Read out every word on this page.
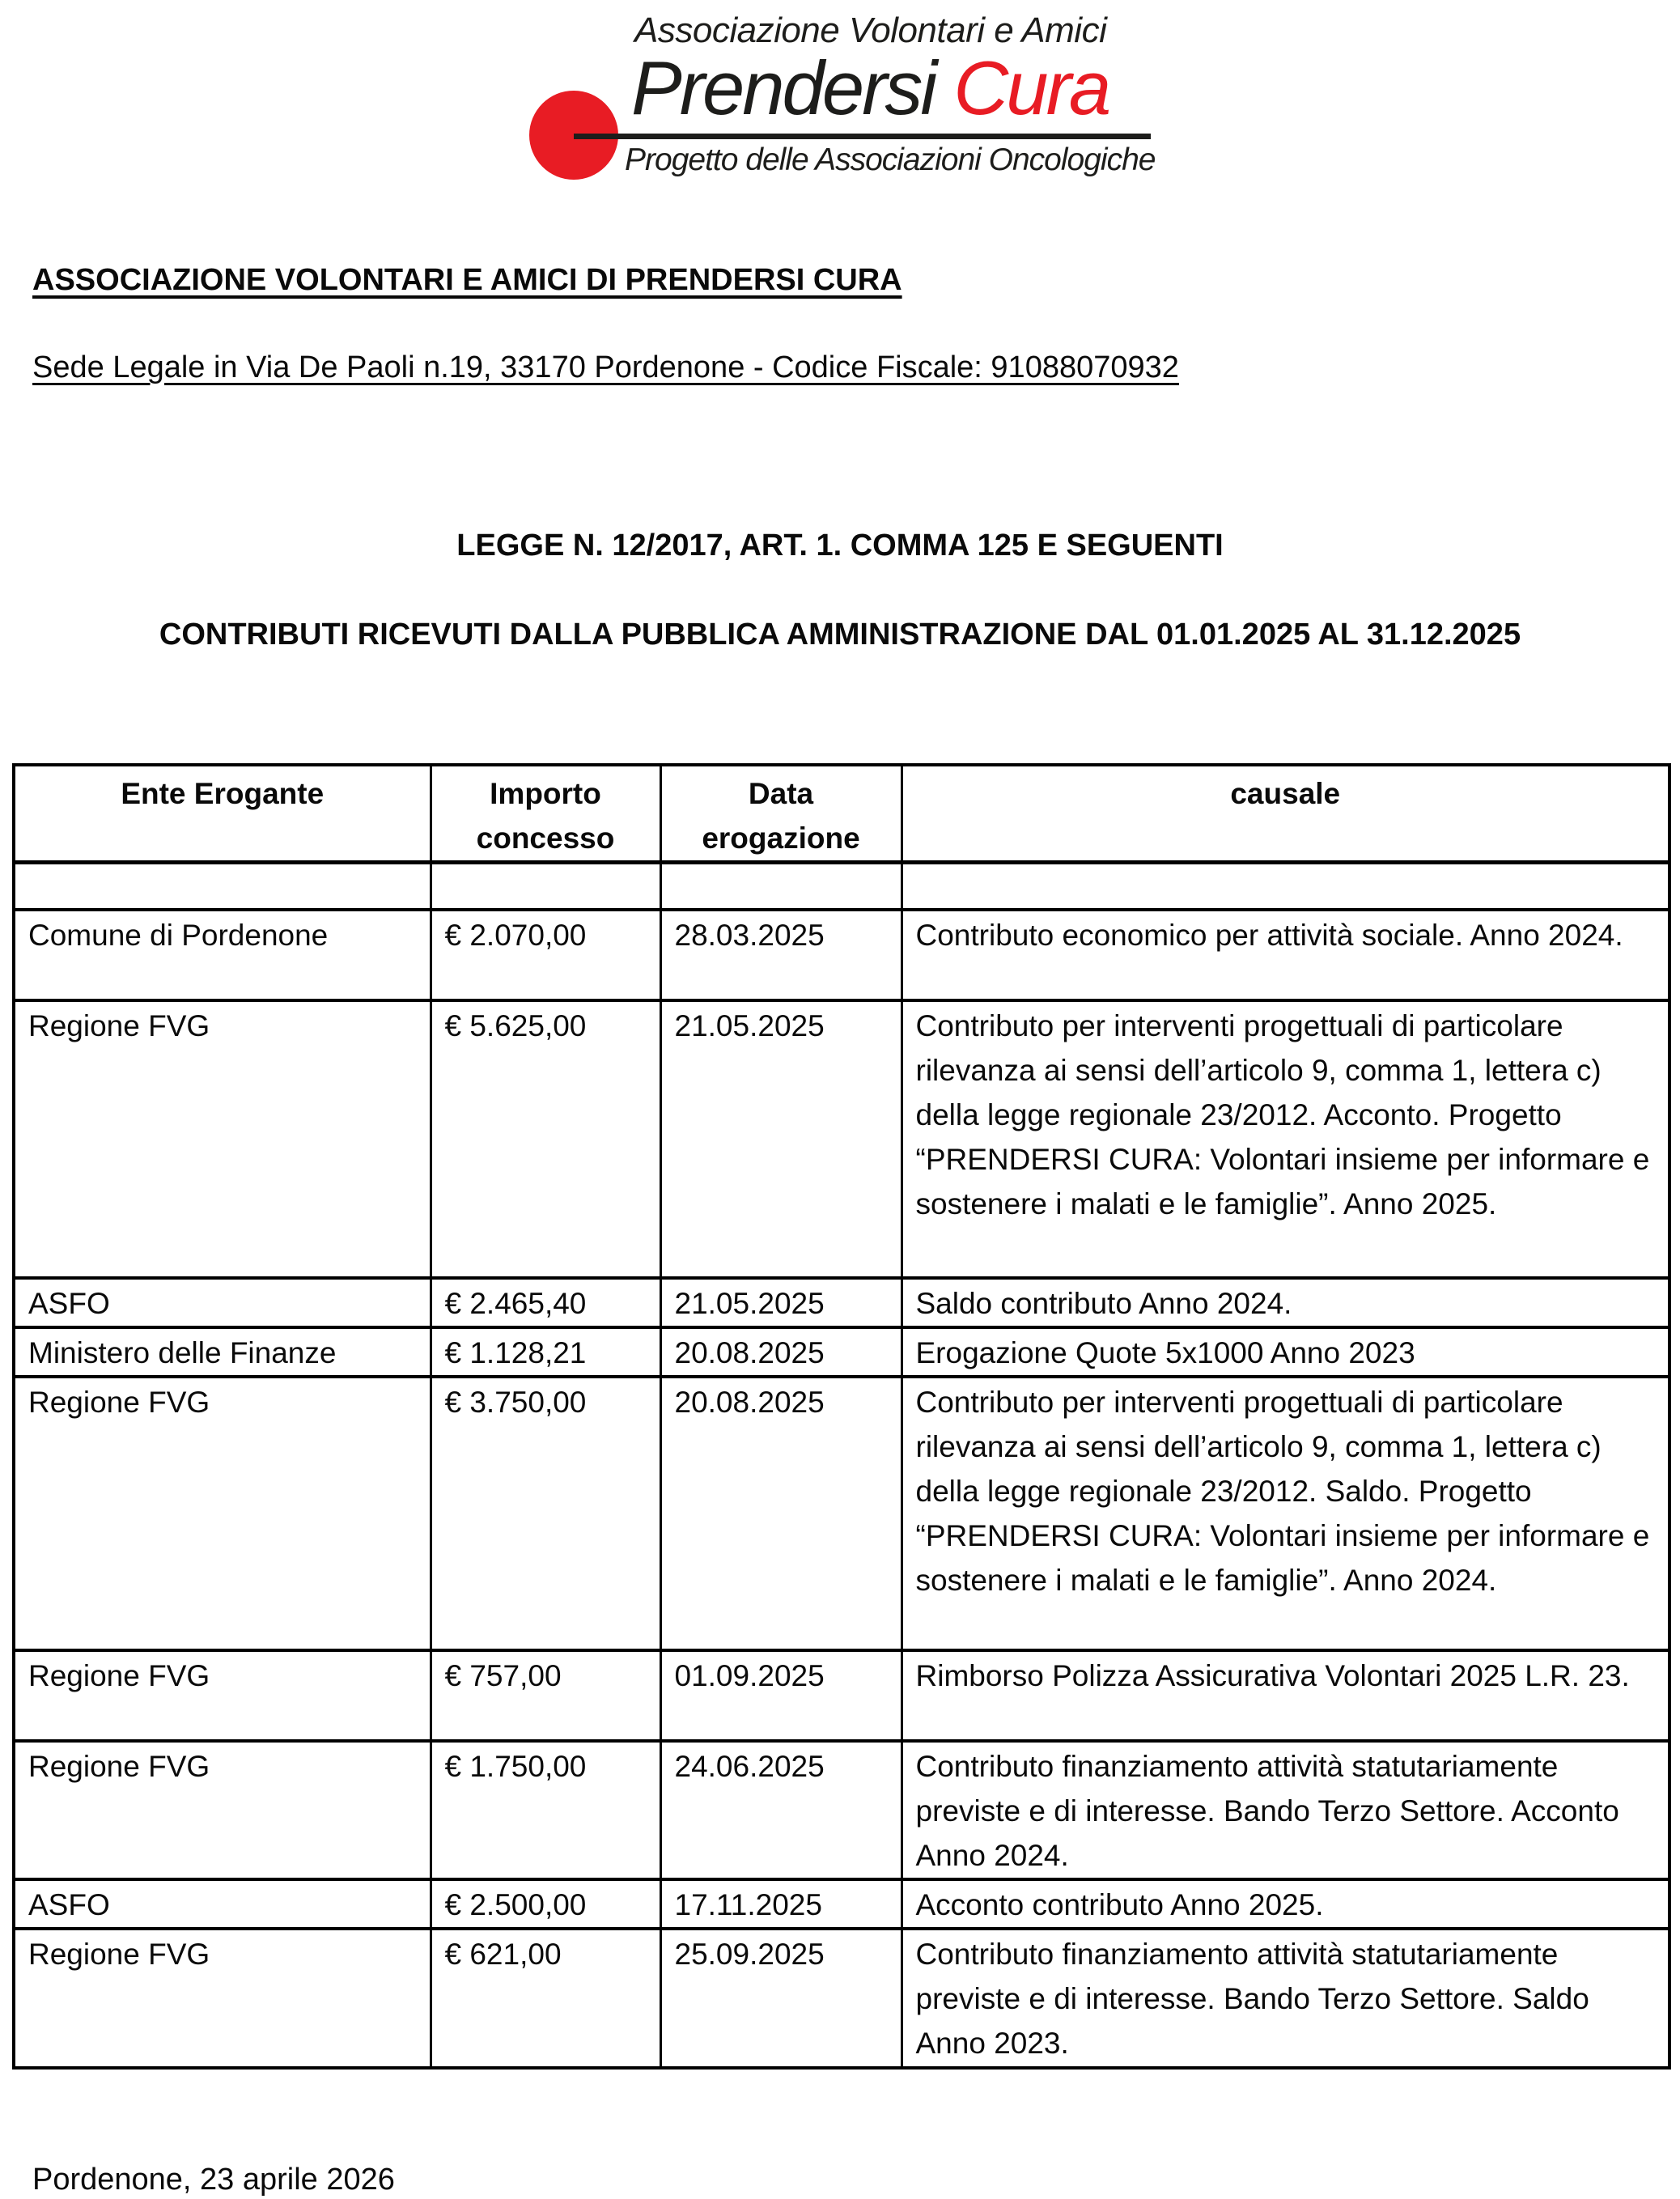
Associazione Volontari e Amici
Prendersi Cura
Progetto delle Associazioni Oncologiche
ASSOCIAZIONE VOLONTARI E AMICI DI PRENDERSI CURA
Sede Legale in Via De Paoli n.19, 33170 Pordenone - Codice Fiscale: 91088070932
LEGGE N. 12/2017, ART. 1. COMMA 125 E SEGUENTI
CONTRIBUTI RICEVUTI DALLA PUBBLICA AMMINISTRAZIONE DAL 01.01.2025 AL 31.12.2025
Ente Erogante	Importo concesso	Data erogazione	causale

Comune di Pordenone	€ 2.070,00	28.03.2025	Contributo economico per attività sociale. Anno 2024.
Regione FVG	€ 5.625,00	21.05.2025	Contributo per interventi progettuali di particolare rilevanza ai sensi dell’articolo 9, comma 1, lettera c) della legge regionale 23/2012. Acconto. Progetto “PRENDERSI CURA: Volontari insieme per informare e sostenere i malati e le famiglie”. Anno 2025.
ASFO	€ 2.465,40	21.05.2025	Saldo contributo Anno 2024.
Ministero delle Finanze	€ 1.128,21	20.08.2025	Erogazione Quote 5x1000 Anno 2023
Regione FVG	€ 3.750,00	20.08.2025	Contributo per interventi progettuali di particolare rilevanza ai sensi dell’articolo 9, comma 1, lettera c) della legge regionale 23/2012. Saldo. Progetto “PRENDERSI CURA: Volontari insieme per informare e sostenere i malati e le famiglie”. Anno 2024.
Regione FVG	€ 757,00	01.09.2025	Rimborso Polizza Assicurativa Volontari 2025 L.R. 23.
Regione FVG	€ 1.750,00	24.06.2025	Contributo finanziamento attività statutariamente previste e di interesse. Bando Terzo Settore. Acconto Anno 2024.
ASFO	€ 2.500,00	17.11.2025	Acconto contributo Anno 2025.
Regione FVG	€ 621,00	25.09.2025	Contributo finanziamento attività statutariamente previste e di interesse. Bando Terzo Settore. Saldo Anno 2023.
Pordenone, 23 aprile 2026
